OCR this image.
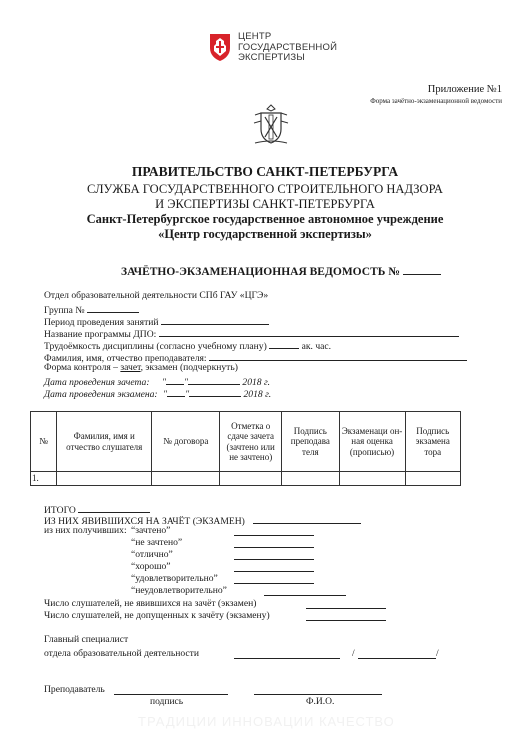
ЦЕНТР
ГОСУДАРСТВЕННОЙ
ЭКСПЕРТИЗЫ
Приложение №1
Форма зачётно-экзаменационной ведомости
ПРАВИТЕЛЬСТВО САНКТ-ПЕТЕРБУРГА
СЛУЖБА ГОСУДАРСТВЕННОГО СТРОИТЕЛЬНОГО НАДЗОРА
И ЭКСПЕРТИЗЫ САНКТ-ПЕТЕРБУРГА
Санкт-Петербургское государственное автономное учреждение
«Центр государственной экспертизы»
ЗАЧЁТНО-ЭКЗАМЕНАЦИОННАЯ ВЕДОМОСТЬ №
Отдел образовательной деятельности СПб ГАУ «ЦГЭ»
Группа №
Период проведения занятий
Название программы ДПО:
Трудоёмкость дисциплины (согласно учебному плану)	ак. час.
Фамилия, имя, отчество преподавателя:
Форма контроля – зачет, экзамен (подчеркнуть)
Дата проведения зачета: " "	2018 г.
Дата проведения экзамена: " "	2018 г.
№	Фамилия, имя и отчество слушателя	№ договора	Отметка о сдаче зачета (зачтено или не зачтено)	Подпись преподава теля	Экзаменаци он-ная оценка (прописью)	Подпись экзамена тора
1.						
ИТОГО
ИЗ НИХ ЯВИВШИХСЯ НА ЗАЧЁТ (ЭКЗАМЕН)
из них получивших: “зачтено”
“не зачтено”
“отлично”
“хорошо”
“удовлетворительно”
“неудовлетворительно”
Число слушателей, не явившихся на зачёт (экзамен)
Число слушателей, не допущенных к зачёту (экзамену)
Главный специалист
отдела образовательной деятельности	/	/
Преподаватель
подпись	Ф.И.О.
ТРАДИЦИИ ИННОВАЦИИ КАЧЕСТВО
